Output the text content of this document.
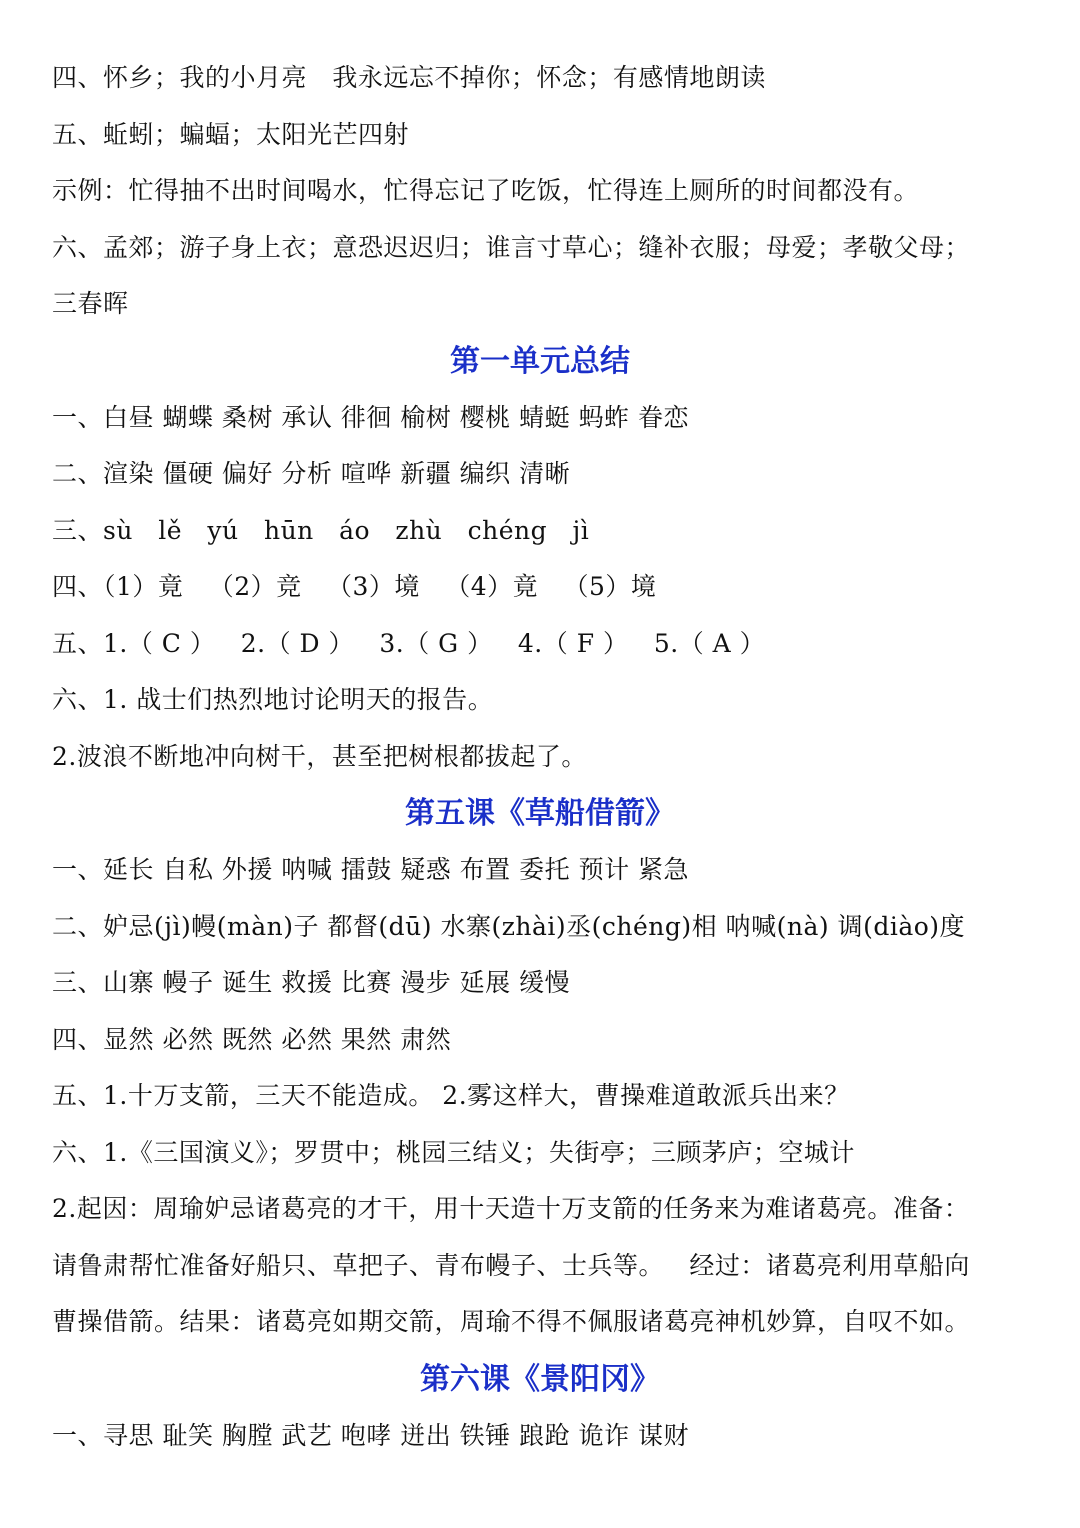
四、怀乡；我的小月亮   我永远忘不掉你；怀念；有感情地朗读
五、蚯蚓；蝙蝠；太阳光芒四射
示例：忙得抽不出时间喝水，忙得忘记了吃饭，忙得连上厕所的时间都没有。
六、孟郊；游子身上衣；意恐迟迟归；谁言寸草心；缝补衣服；母爱；孝敬父母；
三春晖
第一单元总结
一、白昼 蝴蝶 桑树 承认 徘徊 榆树 樱桃 蜻蜓 蚂蚱 眷恋
二、渲染 僵硬 偏好 分析 喧哗 新疆 编织 清晰
三、sù   lě   yú   hūn   áo   zhù   chéng   jì
四、（1）竟   （2）竞   （3）境   （4）竟   （5）境
五、1.（ C ）   2.（ D ）   3.（ G ）   4.（ F ）   5.（ A ）
六、1. 战士们热烈地讨论明天的报告。
2.波浪不断地冲向树干，甚至把树根都拔起了。
第五课《草船借箭》
一、延长 自私 外援 呐喊 擂鼓 疑惑 布置 委托 预计 紧急
二、妒忌(jì)幔(màn)子 都督(dū) 水寨(zhài)丞(chéng)相 呐喊(nà) 调(diào)度
三、山寨 幔子 诞生 救援 比赛 漫步 延展 缓慢
四、显然 必然 既然 必然 果然 肃然
五、1.十万支箭，三天不能造成。 2.雾这样大，曹操难道敢派兵出来？
六、1.《三国演义》；罗贯中；桃园三结义；失街亭；三顾茅庐；空城计
2.起因：周瑜妒忌诸葛亮的才干，用十天造十万支箭的任务来为难诸葛亮。准备：
请鲁肃帮忙准备好船只、草把子、青布幔子、士兵等。   经过：诸葛亮利用草船向
曹操借箭。结果：诸葛亮如期交箭，周瑜不得不佩服诸葛亮神机妙算，自叹不如。
第六课《景阳冈》
一、寻思 耻笑 胸膛 武艺 咆哮 迸出 铁锤 踉跄 诡诈 谋财
